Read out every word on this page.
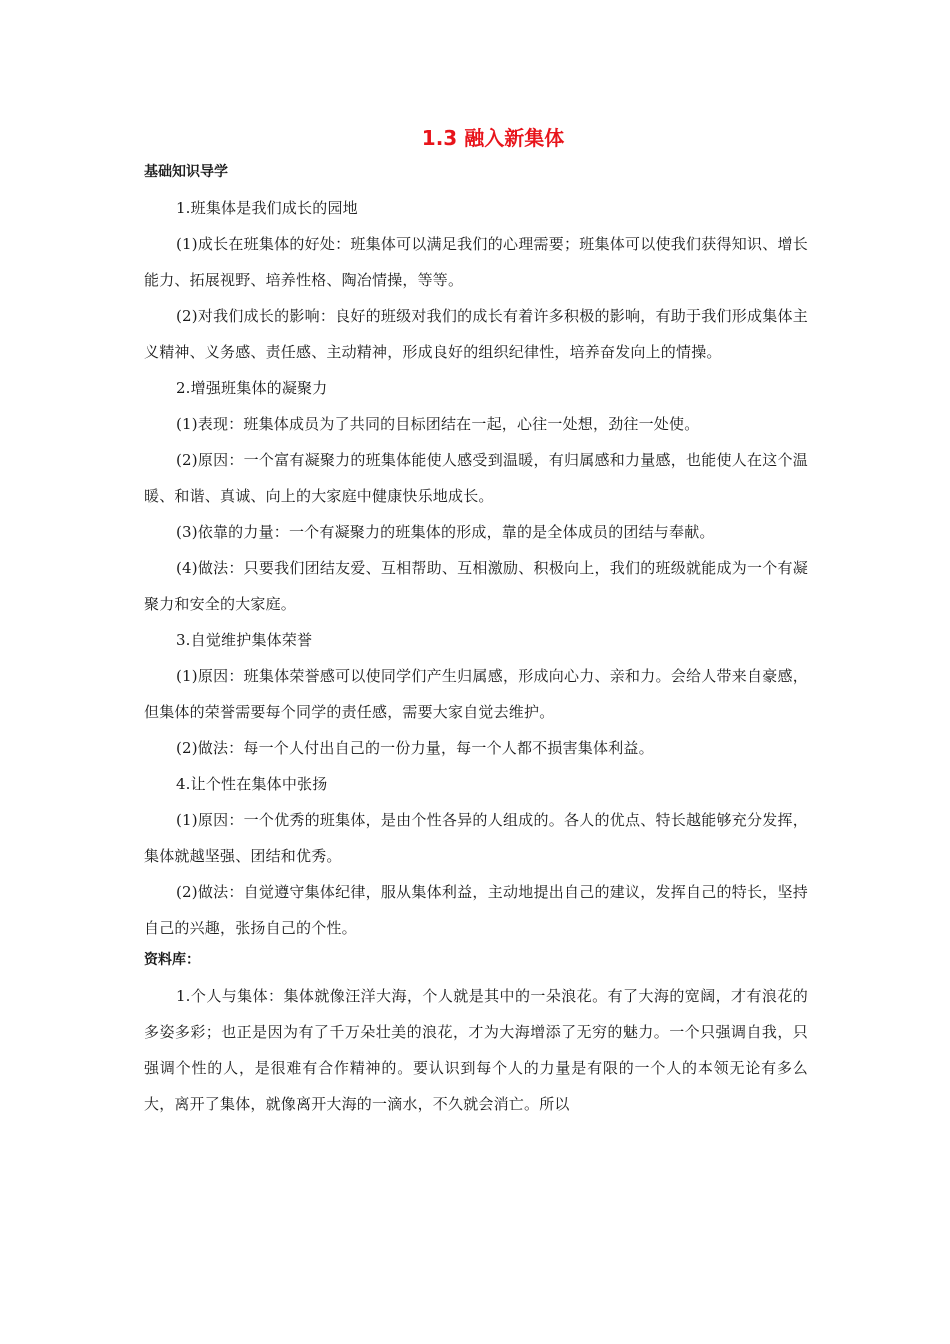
1.3 融入新集体
基础知识导学

1.班集体是我们成长的园地

(1)成长在班集体的好处：班集体可以满足我们的心理需要；班集体可以使我们获得知识、增长能力、拓展视野、培养性格、陶冶情操，等等。

(2)对我们成长的影响：良好的班级对我们的成长有着许多积极的影响，有助于我们形成集体主义精神、义务感、责任感、主动精神，形成良好的组织纪律性，培养奋发向上的情操。

2.增强班集体的凝聚力

(1)表现：班集体成员为了共同的目标团结在一起，心往一处想，劲往一处使。

(2)原因：一个富有凝聚力的班集体能使人感受到温暖，有归属感和力量感，也能使人在这个温暖、和谐、真诚、向上的大家庭中健康快乐地成长。

(3)依靠的力量：一个有凝聚力的班集体的形成，靠的是全体成员的团结与奉献。

(4)做法：只要我们团结友爱、互相帮助、互相激励、积极向上，我们的班级就能成为一个有凝聚力和安全的大家庭。

3.自觉维护集体荣誉

(1)原因：班集体荣誉感可以使同学们产生归属感，形成向心力、亲和力。会给人带来自豪感，但集体的荣誉需要每个同学的责任感，需要大家自觉去维护。

(2)做法：每一个人付出自己的一份力量，每一个人都不损害集体利益。

4.让个性在集体中张扬

(1)原因：一个优秀的班集体，是由个性各异的人组成的。各人的优点、特长越能够充分发挥，集体就越坚强、团结和优秀。

(2)做法：自觉遵守集体纪律，服从集体利益，主动地提出自己的建议，发挥自己的特长，坚持自己的兴趣，张扬自己的个性。

资料库：

1.个人与集体：集体就像汪洋大海，个人就是其中的一朵浪花。有了大海的宽阔，才有浪花的多姿多彩；也正是因为有了千万朵壮美的浪花，才为大海增添了无穷的魅力。一个只强调自我，只强调个性的人，是很难有合作精神的。要认识到每个人的力量是有限的一个人的本领无论有多么大，离开了集体，就像离开大海的一滴水，不久就会消亡。所以
